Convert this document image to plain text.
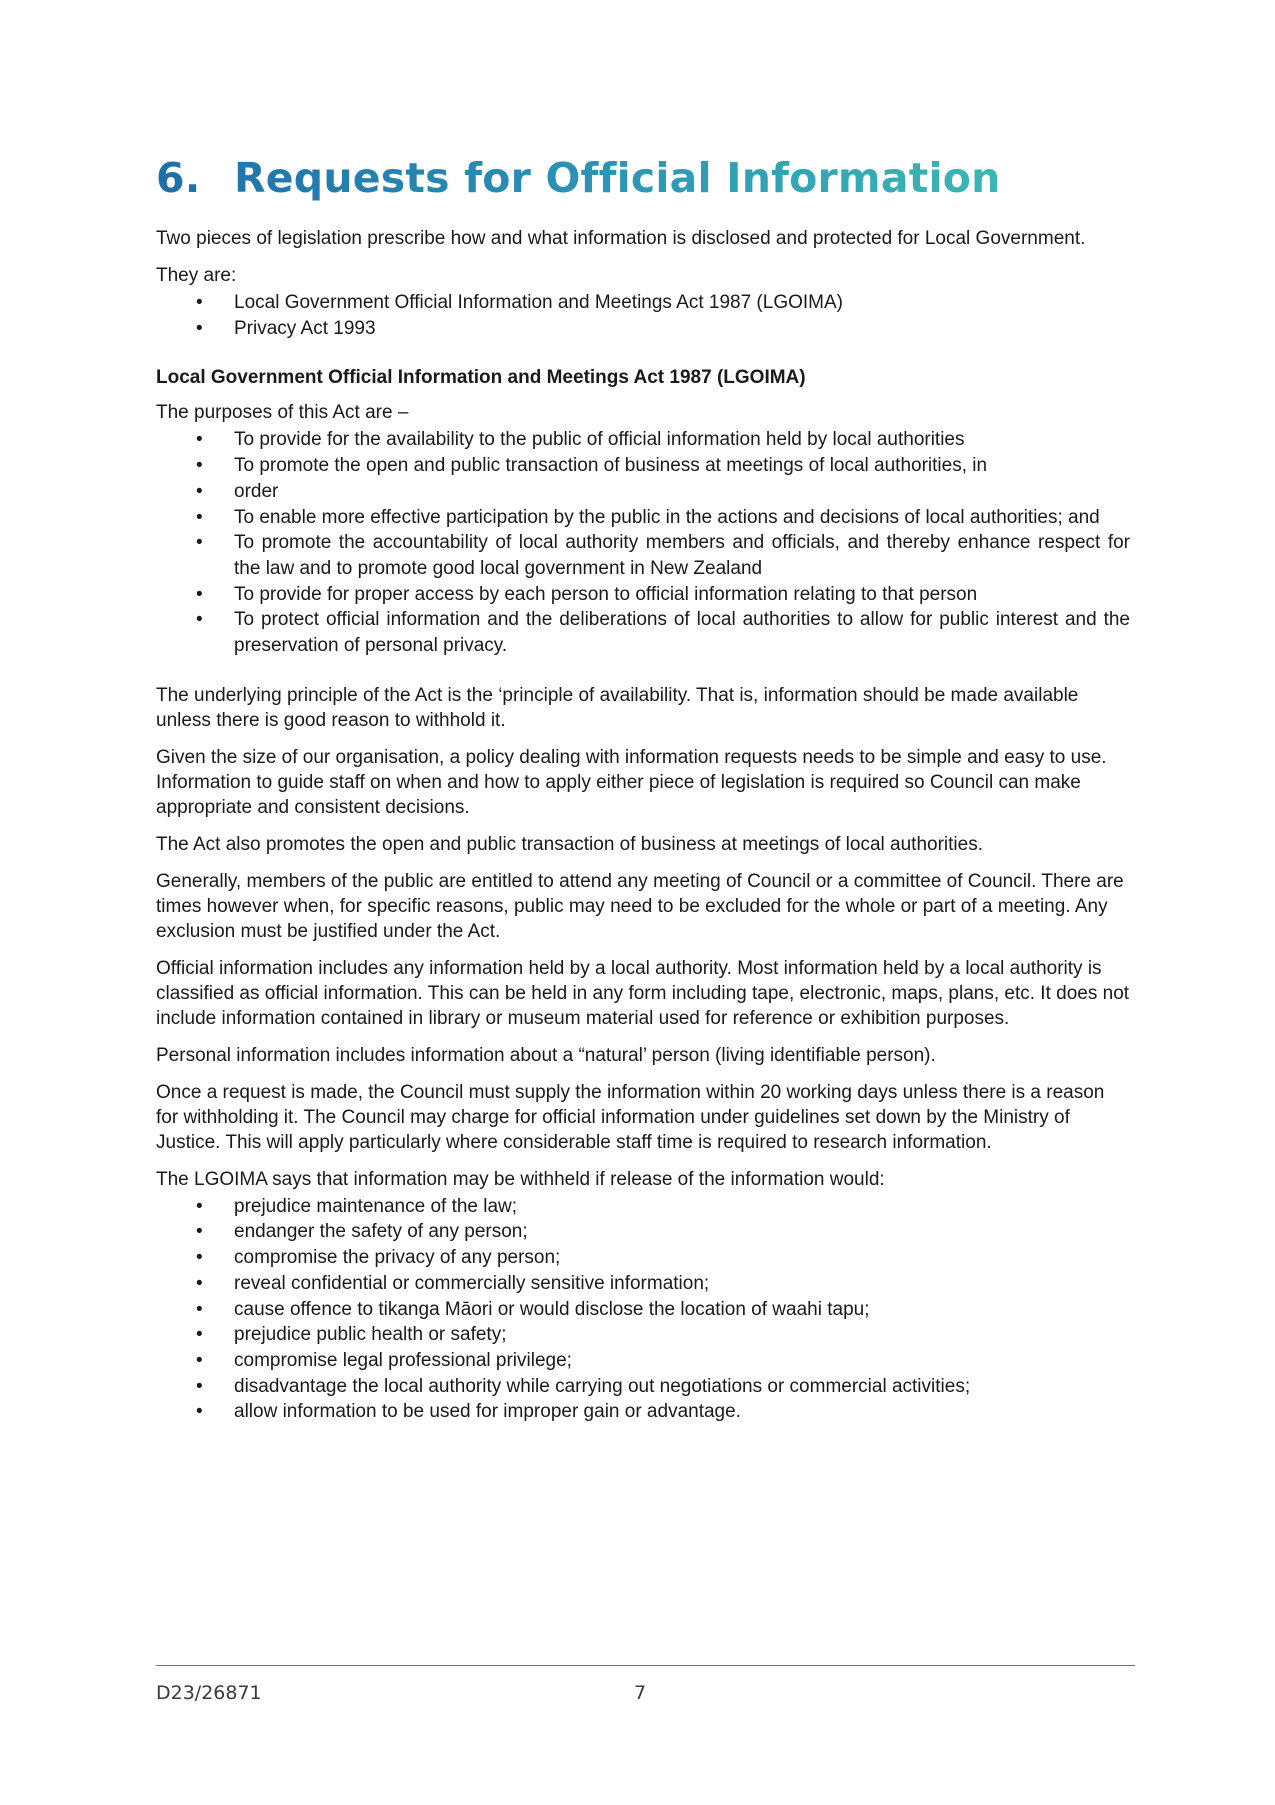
6. Requests for Official Information

Two pieces of legislation prescribe how and what information is disclosed and protected for Local Government.

They are:

• Local Government Official Information and Meetings Act 1987 (LGOIMA)
• Privacy Act 1993
Local Government Official Information and Meetings Act 1987 (LGOIMA)

The purposes of this Act are –

• To provide for the availability to the public of official information held by local authorities
• To promote the open and public transaction of business at meetings of local authorities, in
• order
• To enable more effective participation by the public in the actions and decisions of local authorities; and
• To promote the accountability of local authority members and officials, and thereby enhance respect for the law and to promote good local government in New Zealand
• To provide for proper access by each person to official information relating to that person
• To protect official information and the deliberations of local authorities to allow for public interest and the preservation of personal privacy.

The underlying principle of the Act is the ‘principle of availability. That is, information should be made available unless there is good reason to withhold it.

Given the size of our organisation, a policy dealing with information requests needs to be simple and easy to use. Information to guide staff on when and how to apply either piece of legislation is required so Council can make appropriate and consistent decisions.

The Act also promotes the open and public transaction of business at meetings of local authorities.

Generally, members of the public are entitled to attend any meeting of Council or a committee of Council. There are times however when, for specific reasons, public may need to be excluded for the whole or part of a meeting. Any exclusion must be justified under the Act.

Official information includes any information held by a local authority. Most information held by a local authority is classified as official information. This can be held in any form including tape, electronic, maps, plans, etc. It does not include information contained in library or museum material used for reference or exhibition purposes.

Personal information includes information about a “natural’ person (living identifiable person).

Once a request is made, the Council must supply the information within 20 working days unless there is a reason for withholding it. The Council may charge for official information under guidelines set down by the Ministry of Justice. This will apply particularly where considerable staff time is required to research information.

The LGOIMA says that information may be withheld if release of the information would:

• prejudice maintenance of the law;
• endanger the safety of any person;
• compromise the privacy of any person;
• reveal confidential or commercially sensitive information;
• cause offence to tikanga Māori or would disclose the location of waahi tapu;
• prejudice public health or safety;
• compromise legal professional privilege;
• disadvantage the local authority while carrying out negotiations or commercial activities;
• allow information to be used for improper gain or advantage.
D23/26871	7
